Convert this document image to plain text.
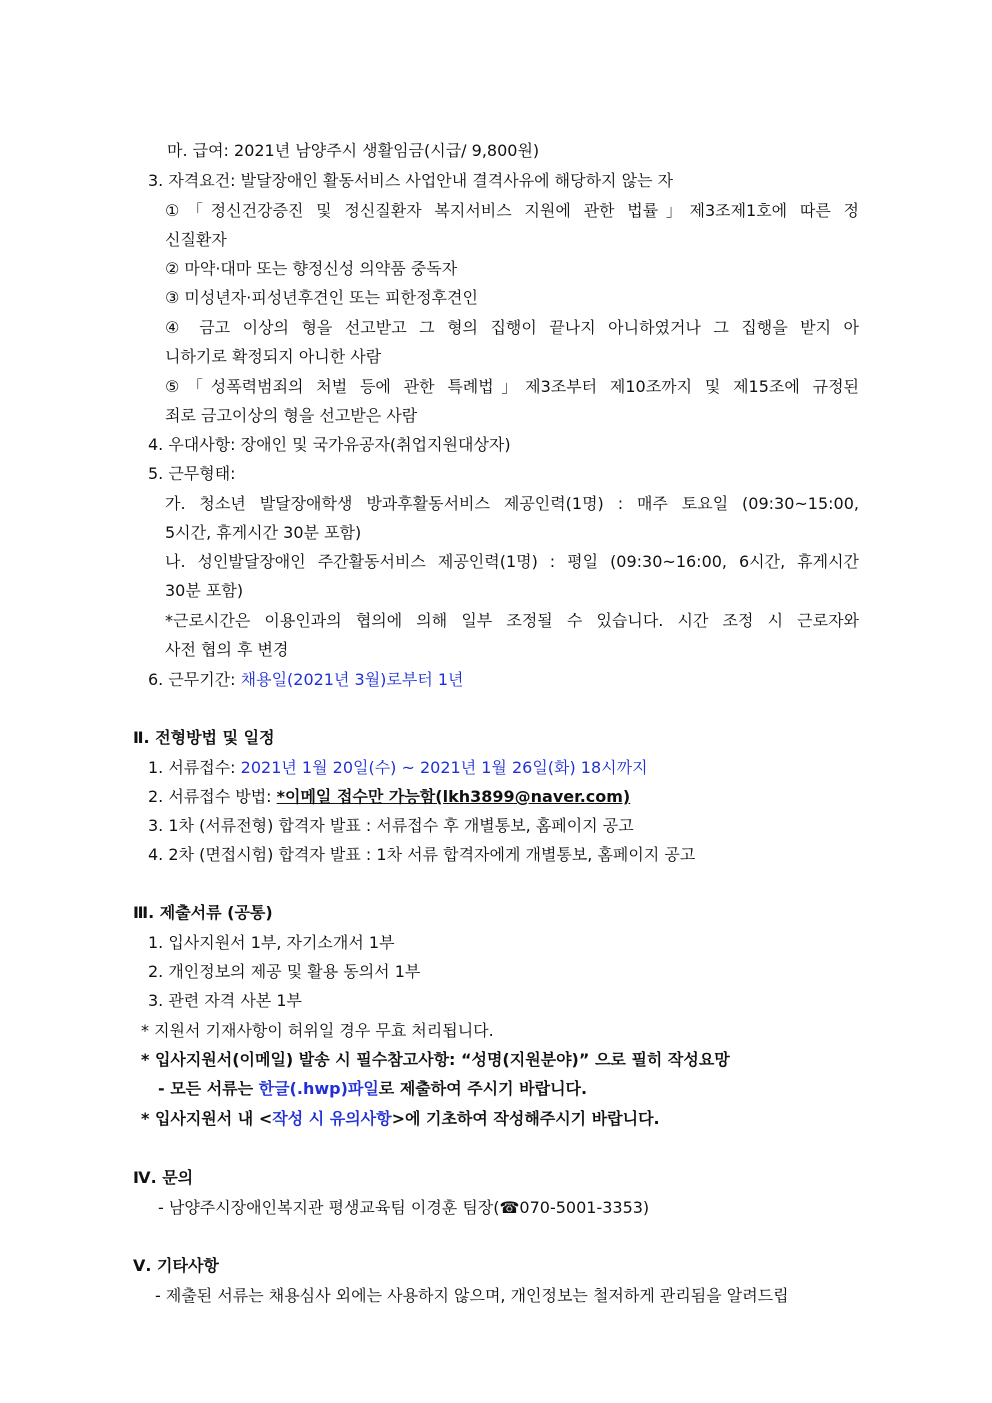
마. 급여: 2021년 남양주시 생활임금(시급/ 9,800원)
3. 자격요건: 발달장애인 활동서비스 사업안내 결격사유에 해당하지 않는 자
①「정신건강증진 및 정신질환자 복지서비스 지원에 관한 법률」제3조제1호에 따른 정
신질환자
② 마약·대마 또는 향정신성 의약품 중독자
③ 미성년자·피성년후견인 또는 피한정후견인
④ 금고 이상의 형을 선고받고 그 형의 집행이 끝나지 아니하였거나 그 집행을 받지 아
니하기로 확정되지 아니한 사람
⑤「성폭력범죄의 처벌 등에 관한 특례법」제3조부터 제10조까지 및 제15조에 규정된
죄로 금고이상의 형을 선고받은 사람
4. 우대사항: 장애인 및 국가유공자(취업지원대상자)
5. 근무형태:
가. 청소년 발달장애학생 방과후활동서비스 제공인력(1명) : 매주 토요일 (09:30~15:00,
5시간, 휴게시간 30분 포함)
나. 성인발달장애인 주간활동서비스 제공인력(1명) : 평일 (09:30~16:00, 6시간, 휴게시간
30분 포함)
*근로시간은 이용인과의 협의에 의해 일부 조정될 수 있습니다. 시간 조정 시 근로자와
사전 협의 후 변경
6. 근무기간: 채용일(2021년 3월)로부터 1년
Ⅱ. 전형방법 및 일정
1. 서류접수: 2021년 1월 20일(수) ~ 2021년 1월 26일(화) 18시까지
2. 서류접수 방법: *이메일 접수만 가능함(lkh3899@naver.com)
3. 1차 (서류전형) 합격자 발표 : 서류접수 후 개별통보, 홈페이지 공고
4. 2차 (면접시험) 합격자 발표 : 1차 서류 합격자에게 개별통보, 홈페이지 공고
Ⅲ. 제출서류 (공통)
1. 입사지원서 1부, 자기소개서 1부
2. 개인정보의 제공 및 활용 동의서 1부
3. 관련 자격 사본 1부
* 지원서 기재사항이 허위일 경우 무효 처리됩니다.
* 입사지원서(이메일) 발송 시 필수참고사항: “성명(지원분야)” 으로 필히 작성요망
- 모든 서류는 한글(.hwp)파일로 제출하여 주시기 바랍니다.
* 입사지원서 내 <작성 시 유의사항>에 기초하여 작성해주시기 바랍니다.
Ⅳ. 문의
- 남양주시장애인복지관 평생교육팀 이경훈 팀장(☎070-5001-3353)
Ⅴ. 기타사항
- 제출된 서류는 채용심사 외에는 사용하지 않으며, 개인정보는 철저하게 관리됨을 알려드립
